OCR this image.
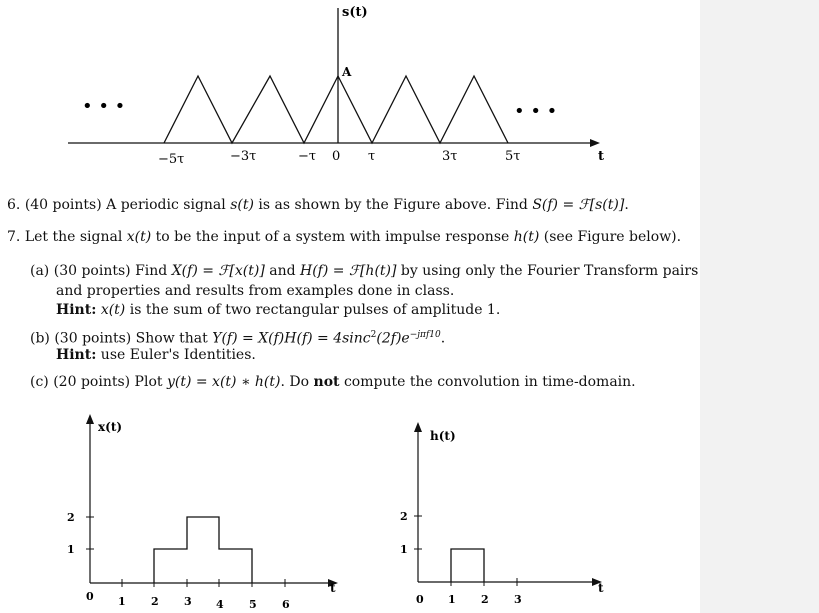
s(t)
A
• • •	• • •
t
−5τ	−3τ	−τ 0 τ	3τ	5τ
6. (40 points) A periodic signal s(t) is as shown by the Figure above. Find S(f) = ℱ[s(t)].
7. Let the signal x(t) to be the input of a system with impulse response h(t) (see Figure below).
(a) (30 points) Find X(f) = ℱ[x(t)] and H(f) = ℱ[h(t)] by using only the Fourier Transform pairs
and properties and results from examples done in class.
Hint: x(t) is the sum of two rectangular pulses of amplitude 1.
(b) (30 points) Show that $Y(f) = X(f)H(f) = 4\sin c^2(2f)e^{-j\pi f10}$.
Hint: use Euler's Identities.
(c) (20 points) Plot y(t) = x(t) ∗ h(t). Do not compute the convolution in time-domain.
x(t)
t
1
2
0 1 2 3 4 5 6
h(t)
t
1
2
0 1 2 3
